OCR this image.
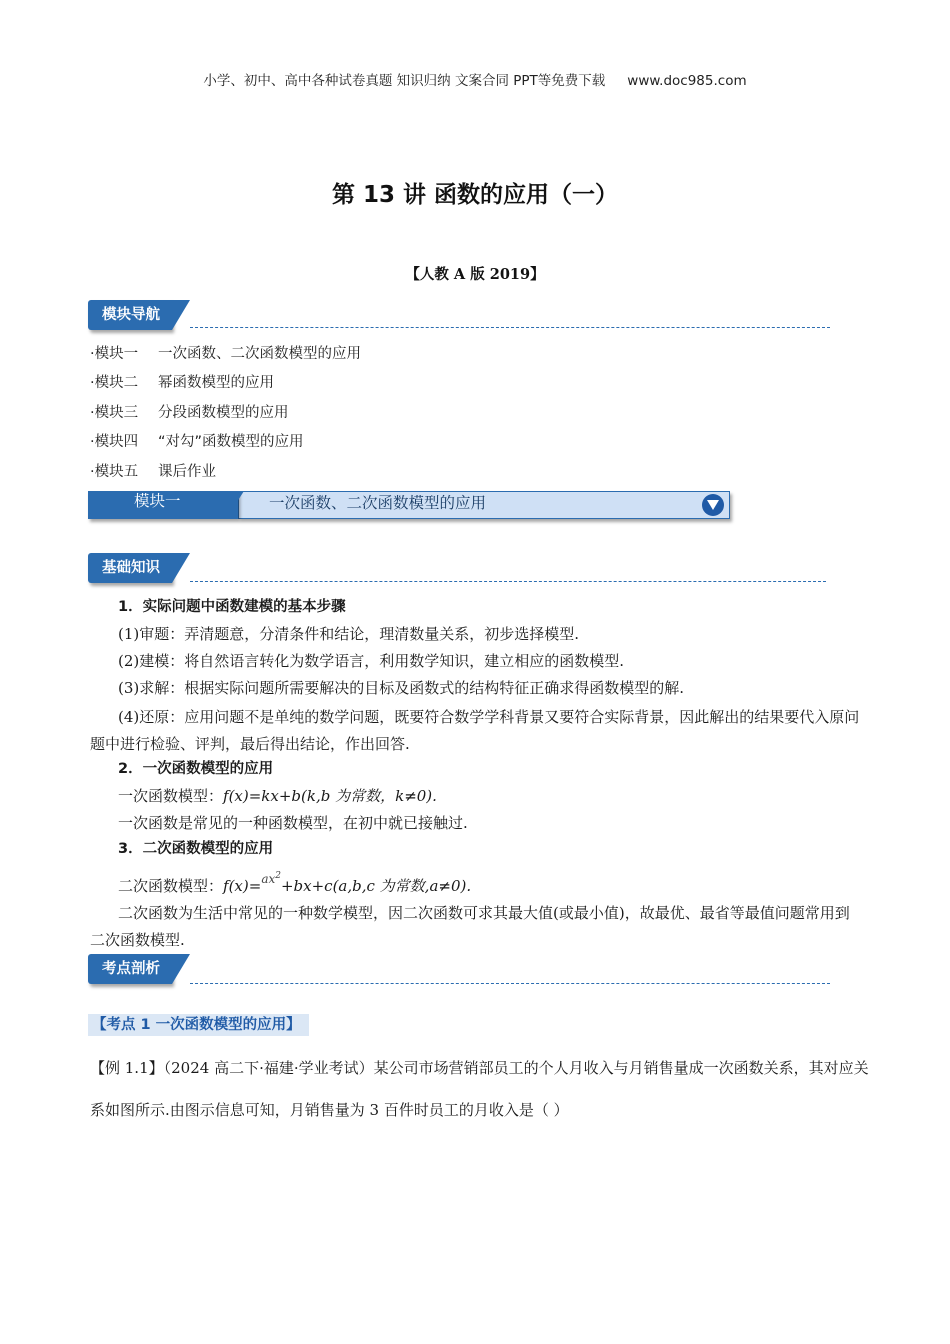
小学、初中、高中各种试卷真题 知识归纳 文案合同 PPT等免费下载 www.doc985.com
第 13 讲 函数的应用（一）
【人教 A 版 2019】
模块导航
·模块一 一次函数、二次函数模型的应用
·模块二 幂函数模型的应用
·模块三 分段函数模型的应用
·模块四 “对勾”函数模型的应用
·模块五 课后作业
一次函数、二次函数模型的应用
模块一
基础知识
1．实际问题中函数建模的基本步骤
(1)审题：弄清题意，分清条件和结论，理清数量关系，初步选择模型.
(2)建模：将自然语言转化为数学语言，利用数学知识，建立相应的函数模型.
(3)求解：根据实际问题所需要解决的目标及函数式的结构特征正确求得函数模型的解.
(4)还原：应用问题不是单纯的数学问题，既要符合数学学科背景又要符合实际背景，因此解出的结果要代入原问题中进行检验、评判，最后得出结论，作出回答.
2．一次函数模型的应用
一次函数模型：f(x)=kx+b(k,b 为常数，k≠0).
一次函数是常见的一种函数模型，在初中就已接触过.
3．二次函数模型的应用
二次函数模型：f(x)=$^{ax^2}$+bx+c(a,b,c 为常数,a≠0).
二次函数为生活中常见的一种数学模型，因二次函数可求其最大值(或最小值)，故最优、最省等最值问题常用到二次函数模型.
考点剖析
【考点 1 一次函数模型的应用】
【例 1.1】（2024 高二下·福建·学业考试）某公司市场营销部员工的个人月收入与月销售量成一次函数关系，其对应关系如图所示.由图示信息可知，月销售量为 3 百件时员工的月收入是（ ）
